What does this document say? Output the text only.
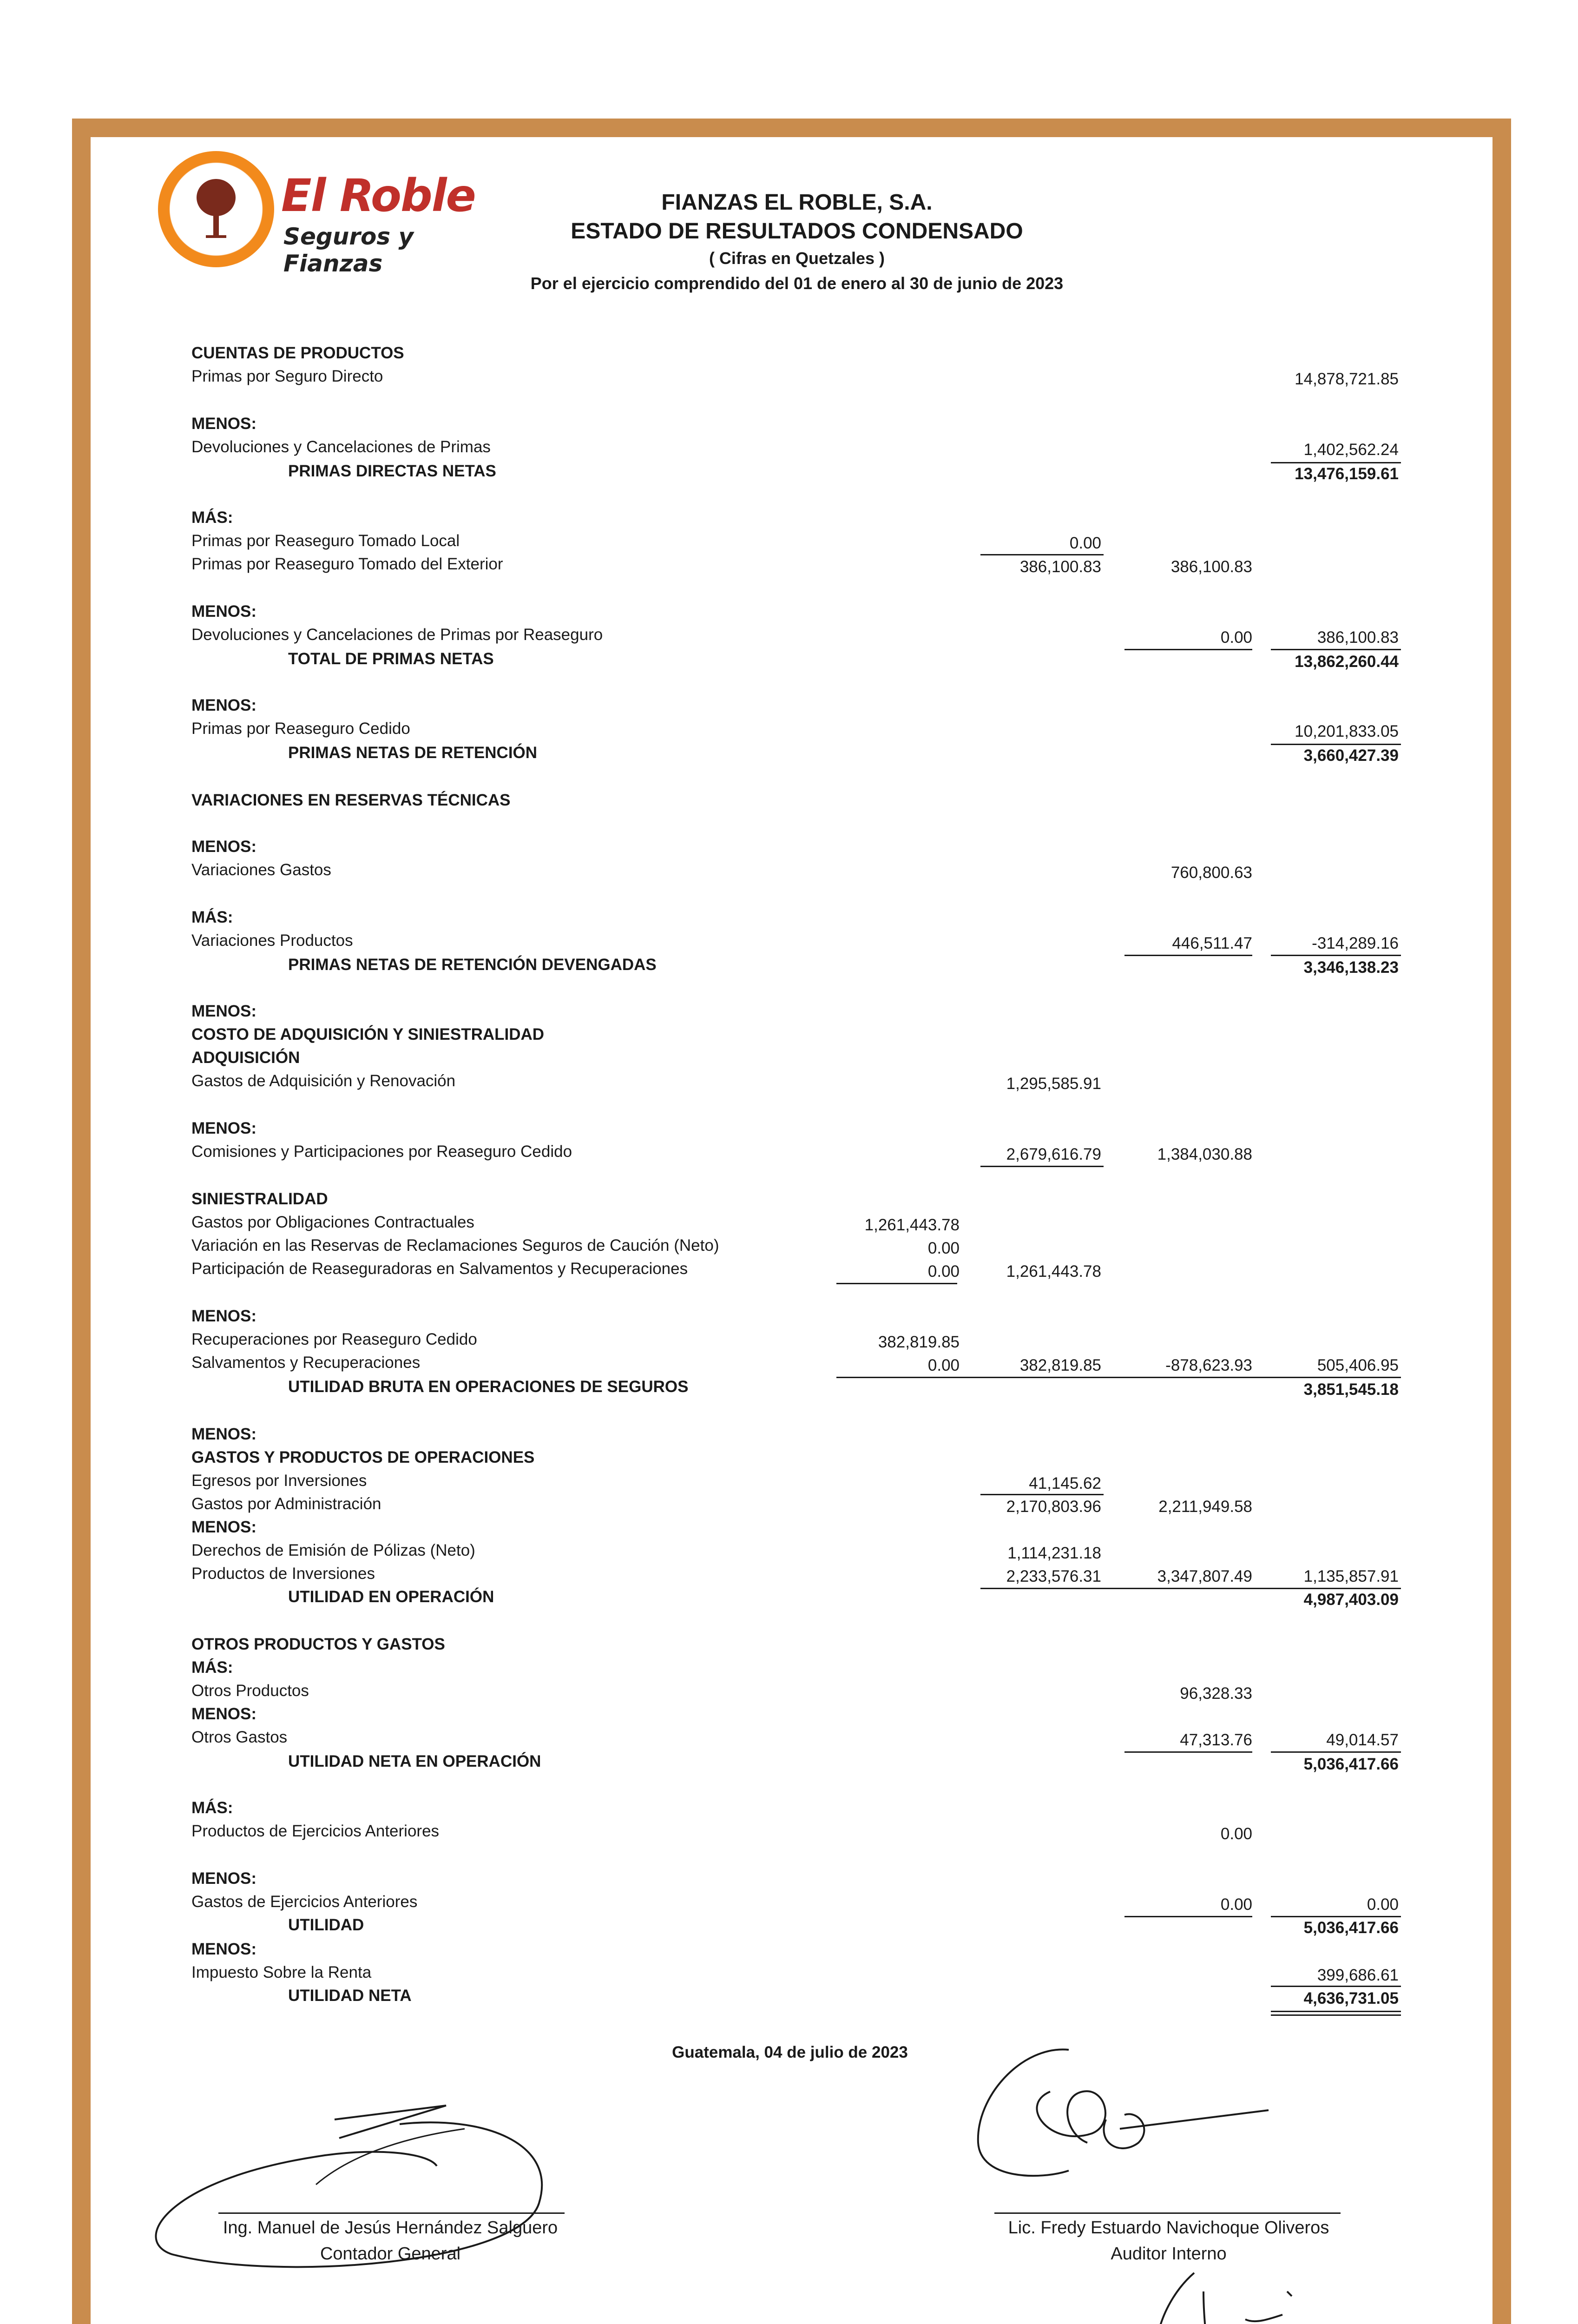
El Roble
Seguros y Fianzas
FIANZAS EL ROBLE, S.A.
ESTADO DE RESULTADOS CONDENSADO
( Cifras en Quetzales )
Por el ejercicio comprendido del 01 de enero al 30 de junio de 2023
CUENTAS DE PRODUCTOS
Primas por Seguro Directo	14,878,721.85
MENOS:
Devoluciones y Cancelaciones de Primas	1,402,562.24
PRIMAS DIRECTAS NETAS	13,476,159.61
MÁS:
Primas por Reaseguro Tomado Local	0.00
Primas por Reaseguro Tomado del Exterior	386,100.83	386,100.83
MENOS:
Devoluciones y Cancelaciones de Primas por Reaseguro	0.00	386,100.83
TOTAL DE PRIMAS NETAS	13,862,260.44
MENOS:
Primas por Reaseguro Cedido	10,201,833.05
PRIMAS NETAS DE RETENCIÓN	3,660,427.39
VARIACIONES EN RESERVAS TÉCNICAS
MENOS:
Variaciones Gastos	760,800.63
MÁS:
Variaciones Productos	446,511.47	-314,289.16
PRIMAS NETAS DE RETENCIÓN DEVENGADAS	3,346,138.23
MENOS:
COSTO DE ADQUISICIÓN Y SINIESTRALIDAD
ADQUISICIÓN
Gastos de Adquisición y Renovación	1,295,585.91
MENOS:
Comisiones y Participaciones por Reaseguro Cedido	2,679,616.79	1,384,030.88
SINIESTRALIDAD
Gastos por Obligaciones Contractuales	1,261,443.78
Variación en las Reservas de Reclamaciones Seguros de Caución (Neto)	0.00
Participación de Reaseguradoras en Salvamentos y Recuperaciones	0.00	1,261,443.78
MENOS:
Recuperaciones por Reaseguro Cedido	382,819.85
Salvamentos y Recuperaciones	0.00	382,819.85	-878,623.93	505,406.95
UTILIDAD BRUTA EN OPERACIONES DE SEGUROS	3,851,545.18
MENOS:
GASTOS Y PRODUCTOS DE OPERACIONES
Egresos por Inversiones	41,145.62
Gastos por Administración	2,170,803.96	2,211,949.58
MENOS:
Derechos de Emisión de Pólizas (Neto)	1,114,231.18
Productos de Inversiones	2,233,576.31	3,347,807.49	1,135,857.91
UTILIDAD EN OPERACIÓN	4,987,403.09
OTROS PRODUCTOS Y GASTOS
MÁS:
Otros Productos	96,328.33
MENOS:
Otros Gastos	47,313.76	49,014.57
UTILIDAD NETA EN OPERACIÓN	5,036,417.66
MÁS:
Productos de Ejercicios Anteriores	0.00
MENOS:
Gastos de Ejercicios Anteriores	0.00	0.00
UTILIDAD	5,036,417.66
MENOS:
Impuesto Sobre la Renta	399,686.61
UTILIDAD NETA	4,636,731.05
Guatemala, 04 de julio de 2023
Ing. Manuel de Jesús Hernández Salguero
Contador General
Lic. Fredy Estuardo Navichoque Oliveros
Auditor Interno
